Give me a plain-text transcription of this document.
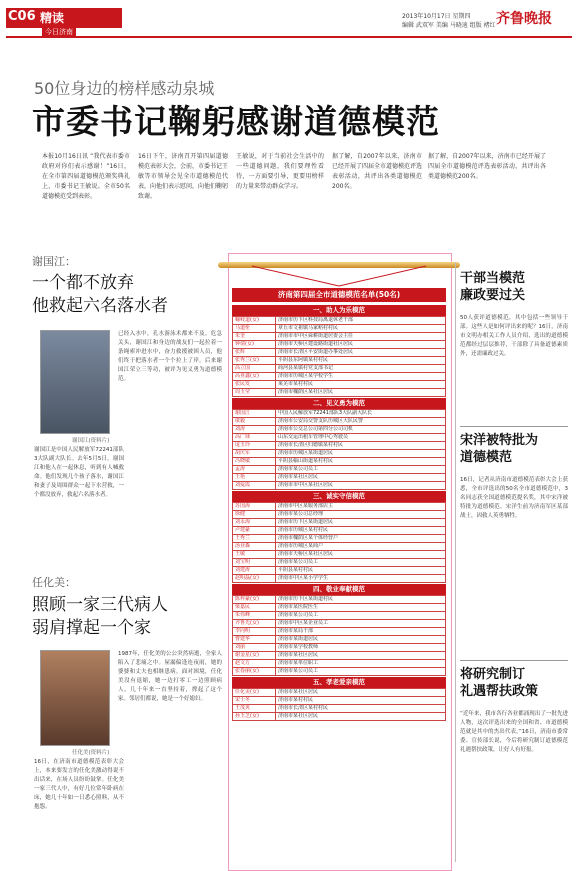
C06 精读
今日济南
2013年10月17日 星期四
编辑 武双军 美编 马晓迪 组版 褚红 齐鲁晚报
50位身边的榜样感动泉城
市委书记鞠躬感谢道德模范
本报10月16日讯 “我代表市委市政府对你们表示感谢！”16日，在全市第四届道德模范颁奖典礼上，市委书记王敏说。全市50名道德模范受到表彰。
16日下午，济南召开第四届道德模范表彰大会，会前，市委书记王敏等市领导会见全市道德模范代表，向他们表示慰问，向他们鞠躬致谢。
王敏说，对于当前社会生活中的一些道德问题，我们要理性看待，一方面要引导，更要用榜样的力量来带动群众学习。
据了解，自2007年以来，济南市已经开展了四届全市道德模范评选表彰活动，共评出各类道德模范200名。
据了解，自2007年以来，济南市已经开展了四届全市道德模范评选表彰活动，共评出各类道德模范200名。
谢国江：
一个都不放弃
他救起六名落水者
谢国江(资料片)
谢国江是中国人民解放军72241部队3大队副大队长。去年5月5日，谢国江和他人在一起休息，听到有人喊救命。他们发现几个孩子落水，谢国江和妻子及周围群众一起下水营救，一个都没放弃，救起六名落水者。
已经入水中，孔水游泳术都来不及。危急关头，谢国江和身边的战友们一起拉着一条绳索冲进水中，奋力救援被困人员，他们终于把落水者一个个拉上了岸。后来谢国江荣立三等功，被评为见义勇为道德模范。
任化美：
照顾一家三代病人
弱肩撑起一个家
任化美(资料片)
16日，在济南市道德模范表彰大会上，本来要发言的任化美激动得说不出话来，在场人员纷纷鼓掌。任化美一家三代人中，有好几位常年卧病在床，她几十年如一日悉心照料，从不抱怨。
1987年，任化美的公公突然病逝，全家人陷入了悲痛之中。屋漏偏逢连夜雨，她的婆婆和丈夫也相继患病。面对困境，任化美没有退缩，她一边打零工一边照顾病人，几十年来一直坚持着，撑起了这个家。邻居们都说，她是一个好媳妇。
济南第四届全市道德模范名单(50名)
一、助人为乐模范
鞠岐道(女)	济南市历下区科技局离退休老干部
马道伦	章丘市文祖镇马家峪村村民
朱奎	济南市市中区舜耕街道居委会主任
钟倩(女)	济南市天桥区建设路街道社区居民
张辉	济南市长清区平安街道办事处居民
张秀兰(女)	平阴县东阿镇某村村民
高立国	商河县某镇村党支部书记
高亚鑫(女)	济南市历城区某学校学生
张民发	莱芜市某村村民
周玉莹	济南市槐荫区某社区居民
二、见义勇为模范
谢国江	中国人民解放军72241部队3大队副大队长
康毅	济南市公安局交警支队历城区大队民警
刘涛	济南市公交总公司第四分公司司机
高广球	山东交运出租车管理中心驾驶员
庞玉玲	济南市长清区归德镇某村村民
胡庆军	济南市历城区某街道居民
冯晓敏	平阴县榆山街道某村村民
孟涛	济南市某公司员工
王艳	济南市某社区居民
刘爱霞	济南市市中区某社区居民
三、诚实守信模范
苏国海	济南市中区某服务部店主
徐健	济南市某公司总经理
刘永海	济南市历下区某街道居民
卢建豪	济南市历城区某村村民
王秀兰	济南市槐荫区某个体经营户
汤业森	济南市历城区某商户
王敏	济南市天桥区某社区居民
刘宝明	济南市某公司员工
刘建涛	平阴县某村村民
赵明磊(女)	济南市中区某小学学生
四、敬业奉献模范
陈梓豪(女)	济南市历下区某街道村民
梁嘉民	济南市某医院医生
朱伟峰	济南市某公司员工
齐鲁先(女)	济南市中区某企业员工
李向明	济南市某局干部
曹建华	济南市某街道居民
刘丽	济南市某学校教师
谢金星(女)	济南市某社区居民
赵文方	济南市某单位职工
张春丽(女)	济南市某公司员工
五、孝老爱亲模范
任化美(女)	济南市某社区居民
宋士冬	济南市某村村民
王茂英	济南市长清区某村村民
孙玉芝(女)	济南市某社区居民
干部当模范
廉政要过关
50人获评道德模范，其中包括一些领导干部。这些人是如何评出来的呢？16日，济南市文明办相关工作人员介绍，选出的道德模范都经过层层推荐，干部除了具备道德素质外，还需廉政过关。
宋洋被特批为
道德模范
16日，记者从济南市道德模范表彰大会上获悉，全市评选出的50名全市道德模范中，3名同志获全国道德模范提名奖，其中宋洋被特批为道德模范。宋洋生前为济南军区某部战士，因救人英勇牺牲。
将研究制订
礼遇帮扶政策
“近年来，我市各行各业都涌现出了一批先进人物，这次评选出来的全国和省、市道德模范就是其中的杰出代表。”16日，济南市委常委、宣传部长说，今后将研究制订道德模范礼遇帮扶政策，让好人有好报。
